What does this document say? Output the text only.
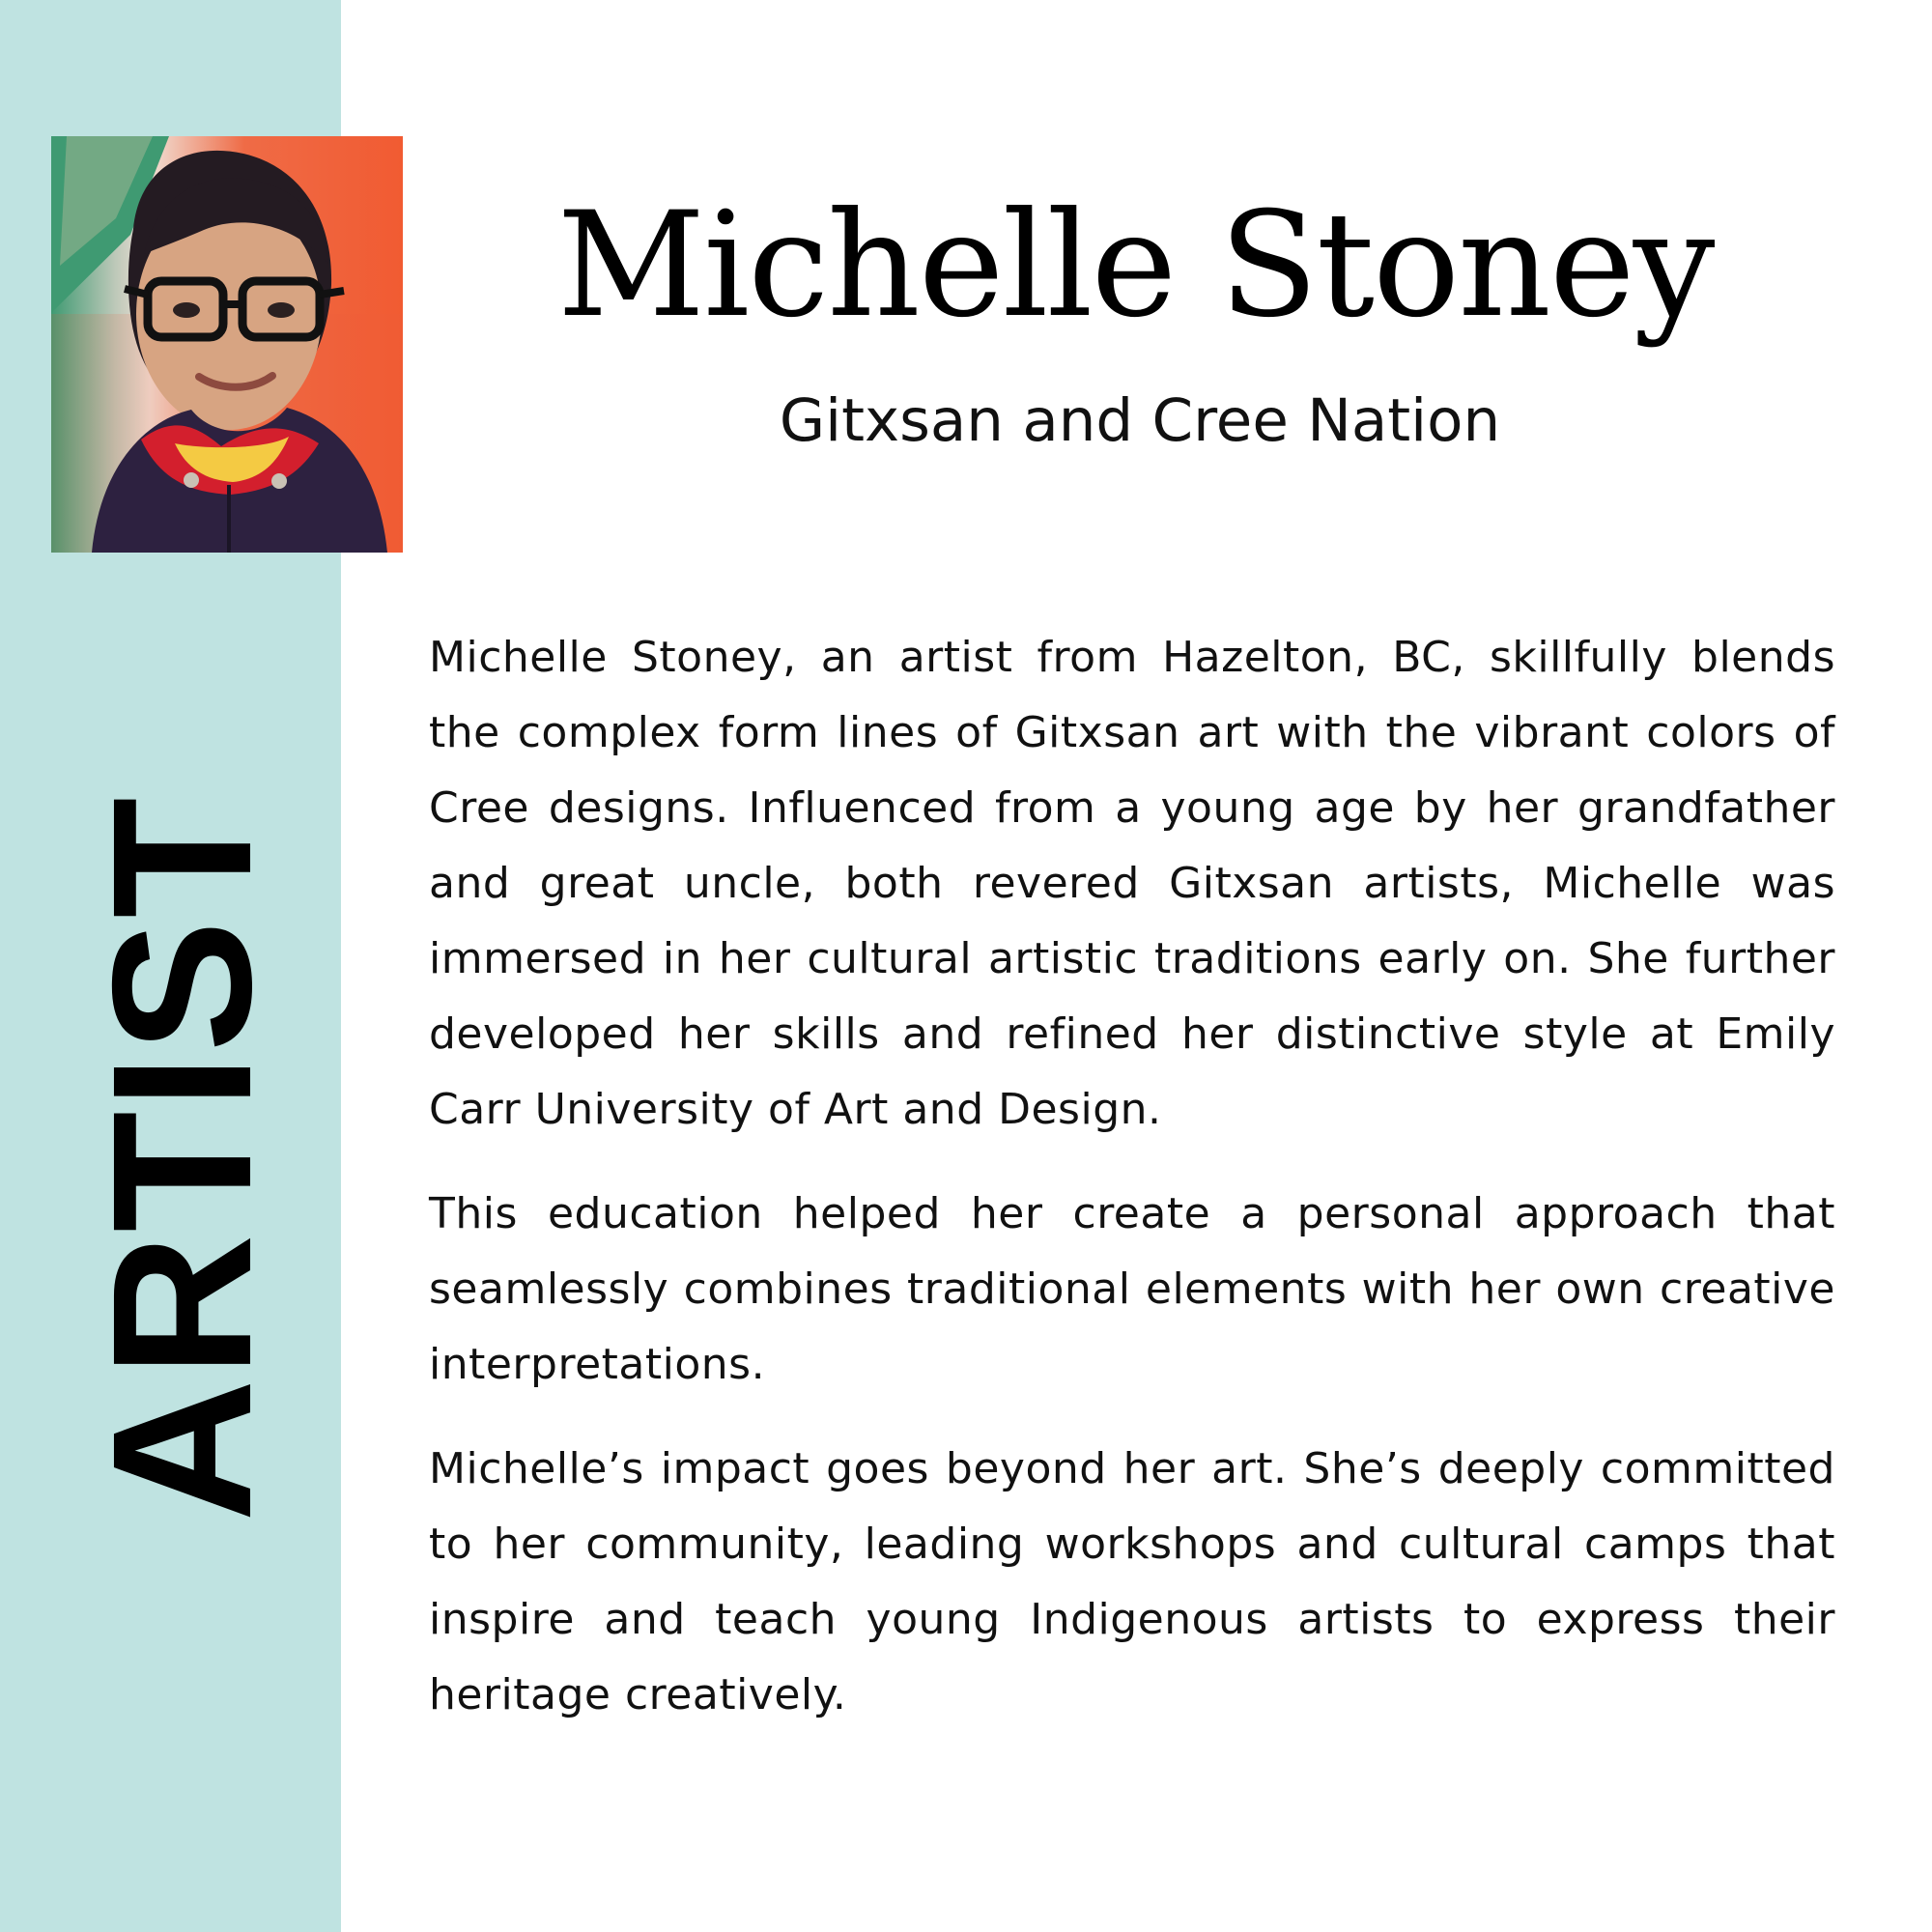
ARTIST
Michelle Stoney
Gitxsan and Cree Nation

Michelle Stoney, an artist from Hazelton, BC, skillfully blends the complex form lines of Gitxsan art with the vibrant colors of Cree designs. Influenced from a young age by her grandfather and great uncle, both revered Gitxsan artists, Michelle was immersed in her cultural artistic traditions early on. She further developed her skills and refined her distinctive style at Emily Carr University of Art and Design.

This education helped her create a personal approach that seamlessly combines traditional elements with her own creative interpretations.

Michelle’s impact goes beyond her art. She’s deeply committed to her community, leading workshops and cultural camps that inspire and teach young Indigenous artists to express their heritage creatively.
